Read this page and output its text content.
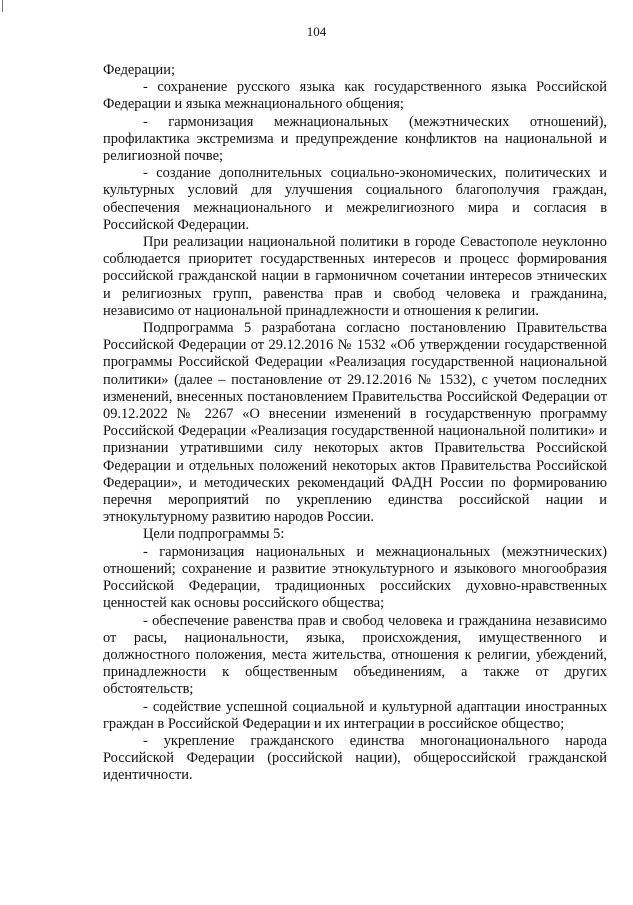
104

Федерации;

- сохранение русского языка как государственного языка Российской Федерации и языка межнационального общения;

- гармонизация межнациональных (межэтнических отношений), профилактика экстремизма и предупреждение конфликтов на национальной и религиозной почве;

- создание дополнительных социально-экономических, политических и культурных условий для улучшения социального благополучия граждан, обеспечения межнационального и межрелигиозного мира и согласия в Российской Федерации.

При реализации национальной политики в городе Севастополе неуклонно соблюдается приоритет государственных интересов и процесс формирования российской гражданской нации в гармоничном сочетании интересов этнических и религиозных групп, равенства прав и свобод человека и гражданина, независимо от национальной принадлежности и отношения к религии.

Подпрограмма 5 разработана согласно постановлению Правительства Российской Федерации от 29.12.2016 № 1532 «Об утверждении государственной программы Российской Федерации «Реализация государственной национальной политики» (далее – постановление от 29.12.2016 № 1532), с учетом последних изменений, внесенных постановлением Правительства Российской Федерации от 09.12.2022 № 2267 «О внесении изменений в государственную программу Российской Федерации «Реализация государственной национальной политики» и признании утратившими силу некоторых актов Правительства Российской Федерации и отдельных положений некоторых актов Правительства Российской Федерации», и методических рекомендаций ФАДН России по формированию перечня мероприятий по укреплению единства российской нации и этнокультурному развитию народов России.

Цели подпрограммы 5:

- гармонизация национальных и межнациональных (межэтнических) отношений; сохранение и развитие этнокультурного и языкового многообразия Российской Федерации, традиционных российских духовно-нравственных ценностей как основы российского общества;

- обеспечение равенства прав и свобод человека и гражданина независимо от расы, национальности, языка, происхождения, имущественного и должностного положения, места жительства, отношения к религии, убеждений, принадлежности к общественным объединениям, а также от других обстоятельств;

- содействие успешной социальной и культурной адаптации иностранных граждан в Российской Федерации и их интеграции в российское общество;

- укрепление гражданского единства многонационального народа Российской Федерации (российской нации), общероссийской гражданской идентичности.
